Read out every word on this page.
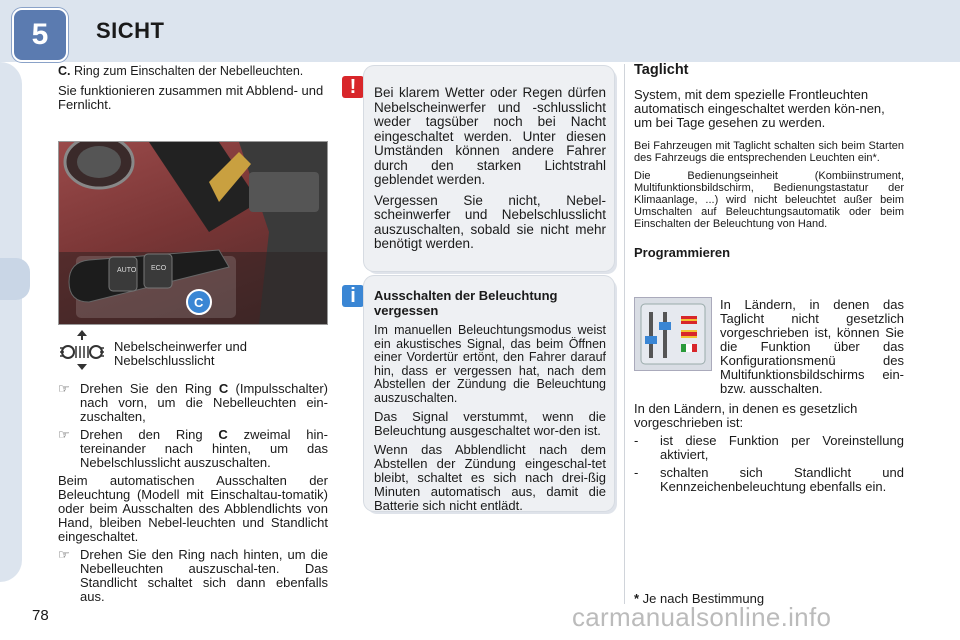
5	SICHT

C. Ring zum Einschalten der Nebelleuchten.

Sie funktionieren zusammen mit Abblend- und Fernlicht.

AUTO ECO
C

Nebelscheinwerfer und Nebelschlusslicht

☞ Drehen Sie den Ring C (Impulsschalter) nach vorn, um die Nebelleuchten ein-zuschalten,
☞ Drehen den Ring C zweimal hin-tereinander nach hinten, um das Nebelschlusslicht auszuschalten.

Beim automatischen Ausschalten der Beleuchtung (Modell mit Einschaltau-tomatik) oder beim Ausschalten des Abblendlichts von Hand, bleiben Nebel-leuchten und Standlicht eingeschaltet.

☞ Drehen Sie den Ring nach hinten, um die Nebelleuchten auszuschal-ten. Das Standlicht schaltet sich dann ebenfalls aus.
!	Bei klarem Wetter oder Regen dürfen Nebelscheinwerfer und -schlusslicht weder tagsüber noch bei Nacht eingeschaltet werden. Unter diesen Umständen können andere Fahrer durch den starken Lichtstrahl geblendet werden.

Vergessen Sie nicht, Nebel-scheinwerfer und Nebelschlusslicht auszuschalten, sobald sie nicht mehr benötigt werden.

i	Ausschalten der Beleuchtung vergessen

Im manuellen Beleuchtungsmodus weist ein akustisches Signal, das beim Öffnen einer Vordertür ertönt, den Fahrer darauf hin, dass er vergessen hat, nach dem Abstellen der Zündung die Beleuchtung auszuschalten.

Das Signal verstummt, wenn die Beleuchtung ausgeschaltet wor-den ist.

Wenn das Abblendlicht nach dem Abstellen der Zündung eingeschal-tet bleibt, schaltet es sich nach drei-ßig Minuten automatisch aus, damit die Batterie sich nicht entlädt.

Taglicht

System, mit dem spezielle Frontleuchten automatisch eingeschaltet werden kön-nen, um bei Tage gesehen zu werden.

Bei Fahrzeugen mit Taglicht schalten sich beim Starten des Fahrzeugs die entsprechenden Leuchten ein*.

Die Bedienungseinheit (Kombiinstrument, Multifunktionsbildschirm, Bedienungstastatur der Klimaanlage, ...) wird nicht beleuchtet außer beim Umschalten auf Beleuchtungsautomatik oder beim Einschalten der Beleuchtung von Hand.

Programmieren

In Ländern, in denen das Taglicht nicht gesetzlich vorgeschrieben ist, können Sie die Funktion über das Konfigurationsmenü des Multifunktionsbildschirms ein- bzw. ausschalten.

In den Ländern, in denen es gesetzlich vorgeschrieben ist:

- ist diese Funktion per Voreinstellung aktiviert,
- schalten sich Standlicht und Kennzeichenbeleuchtung ebenfalls ein.

* Je nach Bestimmung

78	carmanualsonline.info
